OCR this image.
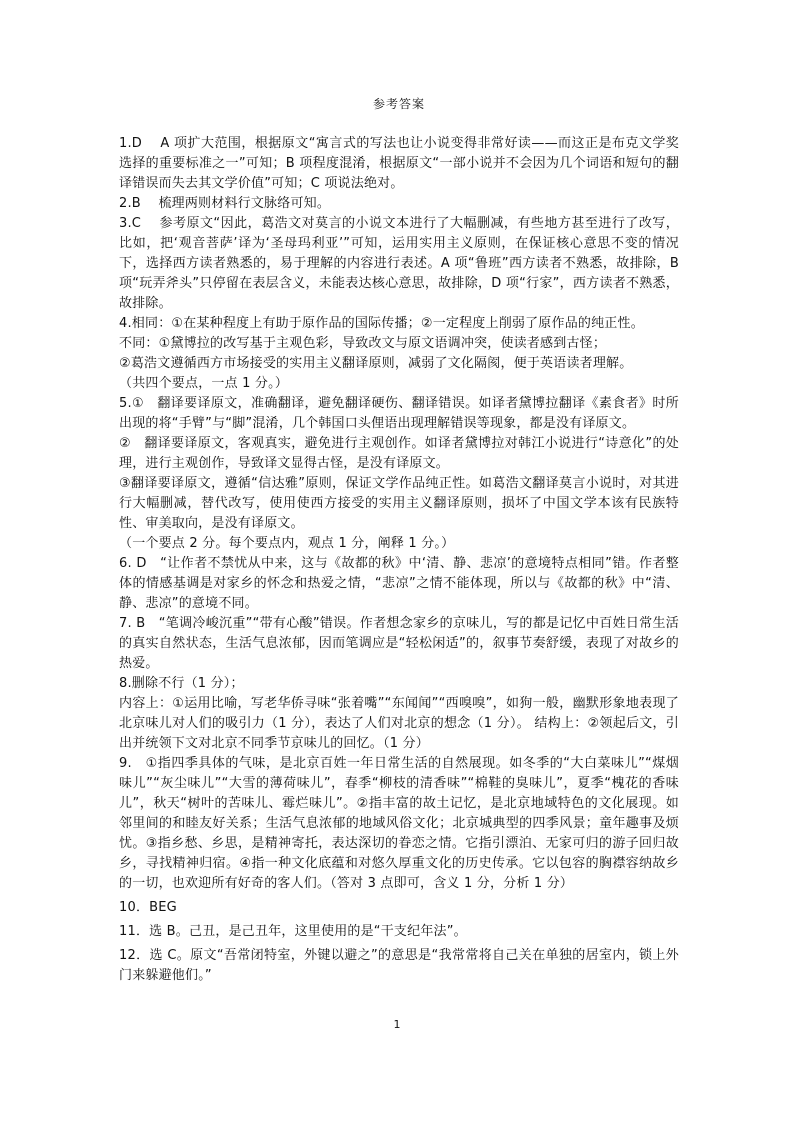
参考答案

1.D　 A 项扩大范围，根据原文“寓言式的写法也让小说变得非常好读——而这正是布克文学奖选择的重要标准之一”可知；B 项程度混淆，根据原文“一部小说并不会因为几个词语和短句的翻译错误而失去其文学价值”可知；C 项说法绝对。

2.B　 梳理两则材料行文脉络可知。

3.C　 参考原文“因此，葛浩文对莫言的小说文本进行了大幅删减，有些地方甚至进行了改写，比如，把‘观音菩萨’译为‘圣母玛利亚’”可知，运用实用主义原则，在保证核心意思不变的情况下，选择西方读者熟悉的，易于理解的内容进行表述。A 项“鲁班”西方读者不熟悉，故排除，B 项“玩弄斧头”只停留在表层含义，未能表达核心意思，故排除，D 项“行家”，西方读者不熟悉，故排除。

4.相同：①在某种程度上有助于原作品的国际传播；②一定程度上削弱了原作品的纯正性。

不同：①黛博拉的改写基于主观色彩，导致改文与原文语调冲突，使读者感到古怪；

②葛浩文遵循西方市场接受的实用主义翻译原则，减弱了文化隔阂，便于英语读者理解。

（共四个要点，一点 1 分。）

5.①　翻译要译原文，准确翻译，避免翻译硬伤、翻译错误。如译者黛博拉翻译《素食者》时所出现的将“手臂”与“脚”混淆，几个韩国口头俚语出现理解错误等现象，都是没有译原文。

②　翻译要译原文，客观真实，避免进行主观创作。如译者黛博拉对韩江小说进行“诗意化”的处理，进行主观创作，导致译文显得古怪，是没有译原文。

③翻译要译原文，遵循“信达雅”原则，保证文学作品纯正性。如葛浩文翻译莫言小说时，对其进行大幅删减，替代改写，使用使西方接受的实用主义翻译原则，损坏了中国文学本该有民族特性、审美取向，是没有译原文。

（一个要点 2 分。每个要点内，观点 1 分，阐释 1 分。）

6. D　“让作者不禁忧从中来，这与《故都的秋》中‘清、静、悲凉’的意境特点相同”错。作者整体的情感基调是对家乡的怀念和热爱之情，“悲凉”之情不能体现，所以与《故都的秋》中“清、静、悲凉”的意境不同。

7. B　“笔调冷峻沉重”“带有心酸”错误。作者想念家乡的京味儿，写的都是记忆中百姓日常生活的真实自然状态，生活气息浓郁，因而笔调应是“轻松闲适”的，叙事节奏舒缓，表现了对故乡的热爱。

8.删除不行（1 分）；

内容上：①运用比喻，写老华侨寻味“张着嘴”“东闻闻”“西嗅嗅”，如狗一般，幽默形象地表现了北京味儿对人们的吸引力（1 分），表达了人们对北京的想念（1 分）。 结构上：②领起后文，引出并统领下文对北京不同季节京味儿的回忆。（1 分）

9.　①指四季具体的气味，是北京百姓一年日常生活的自然展现。如冬季的“大白菜味儿”“煤烟味儿”“灰尘味儿”“大雪的薄荷味儿”，春季“柳枝的清香味”“棉鞋的臭味儿”，夏季“槐花的香味儿”，秋天“树叶的苦味儿、霉烂味儿”。②指丰富的故土记忆，是北京地域特色的文化展现。如邻里间的和睦友好关系；生活气息浓郁的地域风俗文化；北京城典型的四季风景；童年趣事及烦忧。③指乡愁、乡思，是精神寄托，表达深切的眷恋之情。它指引漂泊、无家可归的游子回归故乡，寻找精神归宿。④指一种文化底蕴和对悠久厚重文化的历史传承。它以包容的胸襟容纳故乡的一切，也欢迎所有好奇的客人们。（答对 3 点即可，含义 1 分，分析 1 分）

10．BEG

11．选 B。己丑，是己丑年，这里使用的是“干支纪年法”。

12．选 C。原文“吾常闭特室，外键以避之”的意思是“我常常将自己关在单独的居室内，锁上外门来躲避他们。”

1
